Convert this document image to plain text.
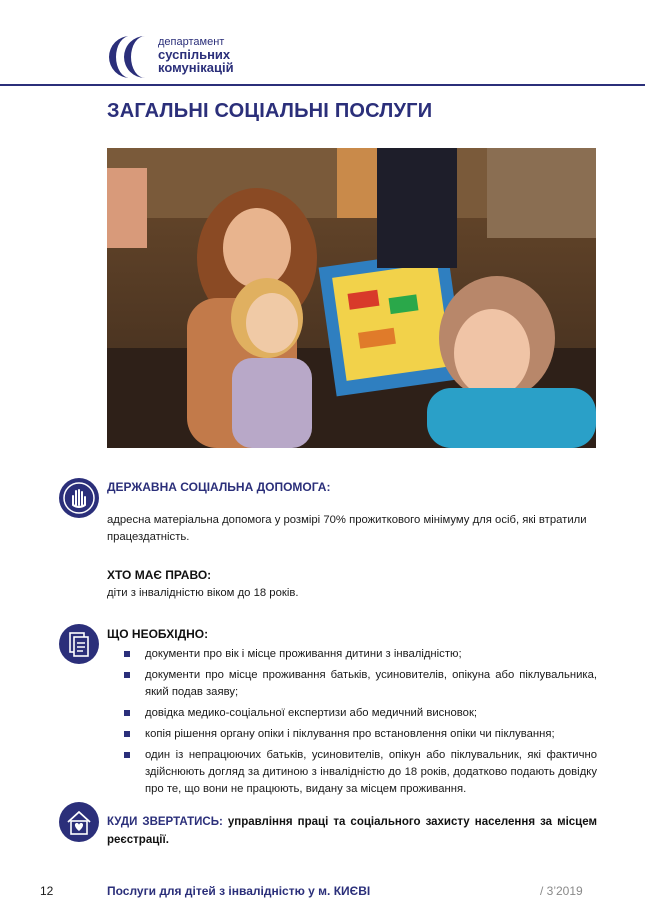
департамент
суспільних
комунікацій
ЗАГАЛЬНІ СОЦІАЛЬНІ ПОСЛУГИ
ДЕРЖАВНА СОЦІАЛЬНА ДОПОМОГА:
адресна матеріальна допомога у розмірі 70% прожиткового мінімуму для осіб, які втратили працездатність.
ХТО МАЄ ПРАВО:
діти з інвалідністю віком до 18 років.
ЩО НЕОБХІДНО:
документи про вік і місце проживання дитини з інвалідністю;
документи про місце проживання батьків, усиновителів, опікуна або піклувальника, який подав заяву;
довідка медико-соціальної експертизи або медичний висновок;
копія рішення органу опіки і піклування про встановлення опіки чи піклування;
один із непрацюючих батьків, усиновителів, опікун або піклувальник, які фактично здійснюють догляд за дитиною з інвалідністю до 18 років, додатково подають довідку про те, що вони не працюють, видану за місцем проживання.
КУДИ ЗВЕРТАТИСЬ: управління праці та соціального захисту населення за місцем реєстрації.
12	Послуги для дітей з інвалідністю у м. КИЄВІ	/ 3’2019
